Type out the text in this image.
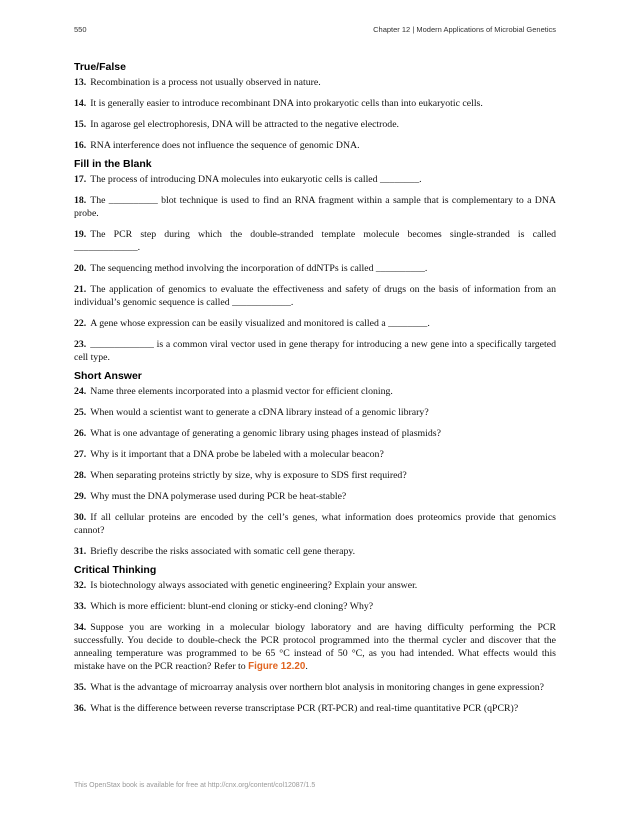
550	Chapter 12 | Modern Applications of Microbial Genetics

True/False

13. Recombination is a process not usually observed in nature.

14. It is generally easier to introduce recombinant DNA into prokaryotic cells than into eukaryotic cells.

15. In agarose gel electrophoresis, DNA will be attracted to the negative electrode.

16. RNA interference does not influence the sequence of genomic DNA.

Fill in the Blank

17. The process of introducing DNA molecules into eukaryotic cells is called ________.

18. The __________ blot technique is used to find an RNA fragment within a sample that is complementary to a DNA probe.

19. The PCR step during which the double-stranded template molecule becomes single-stranded is called _____________.

20. The sequencing method involving the incorporation of ddNTPs is called __________.

21. The application of genomics to evaluate the effectiveness and safety of drugs on the basis of information from an individual’s genomic sequence is called ____________.

22. A gene whose expression can be easily visualized and monitored is called a ________.

23. _____________ is a common viral vector used in gene therapy for introducing a new gene into a specifically targeted cell type.

Short Answer

24. Name three elements incorporated into a plasmid vector for efficient cloning.

25. When would a scientist want to generate a cDNA library instead of a genomic library?

26. What is one advantage of generating a genomic library using phages instead of plasmids?

27. Why is it important that a DNA probe be labeled with a molecular beacon?

28. When separating proteins strictly by size, why is exposure to SDS first required?

29. Why must the DNA polymerase used during PCR be heat-stable?

30. If all cellular proteins are encoded by the cell’s genes, what information does proteomics provide that genomics cannot?

31. Briefly describe the risks associated with somatic cell gene therapy.

Critical Thinking

32. Is biotechnology always associated with genetic engineering? Explain your answer.

33. Which is more efficient: blunt-end cloning or sticky-end cloning? Why?

34. Suppose you are working in a molecular biology laboratory and are having difficulty performing the PCR successfully. You decide to double-check the PCR protocol programmed into the thermal cycler and discover that the annealing temperature was programmed to be 65 °C instead of 50 °C, as you had intended. What effects would this mistake have on the PCR reaction? Refer to Figure 12.20.

35. What is the advantage of microarray analysis over northern blot analysis in monitoring changes in gene expression?

36. What is the difference between reverse transcriptase PCR (RT-PCR) and real-time quantitative PCR (qPCR)?

This OpenStax book is available for free at http://cnx.org/content/col12087/1.5
